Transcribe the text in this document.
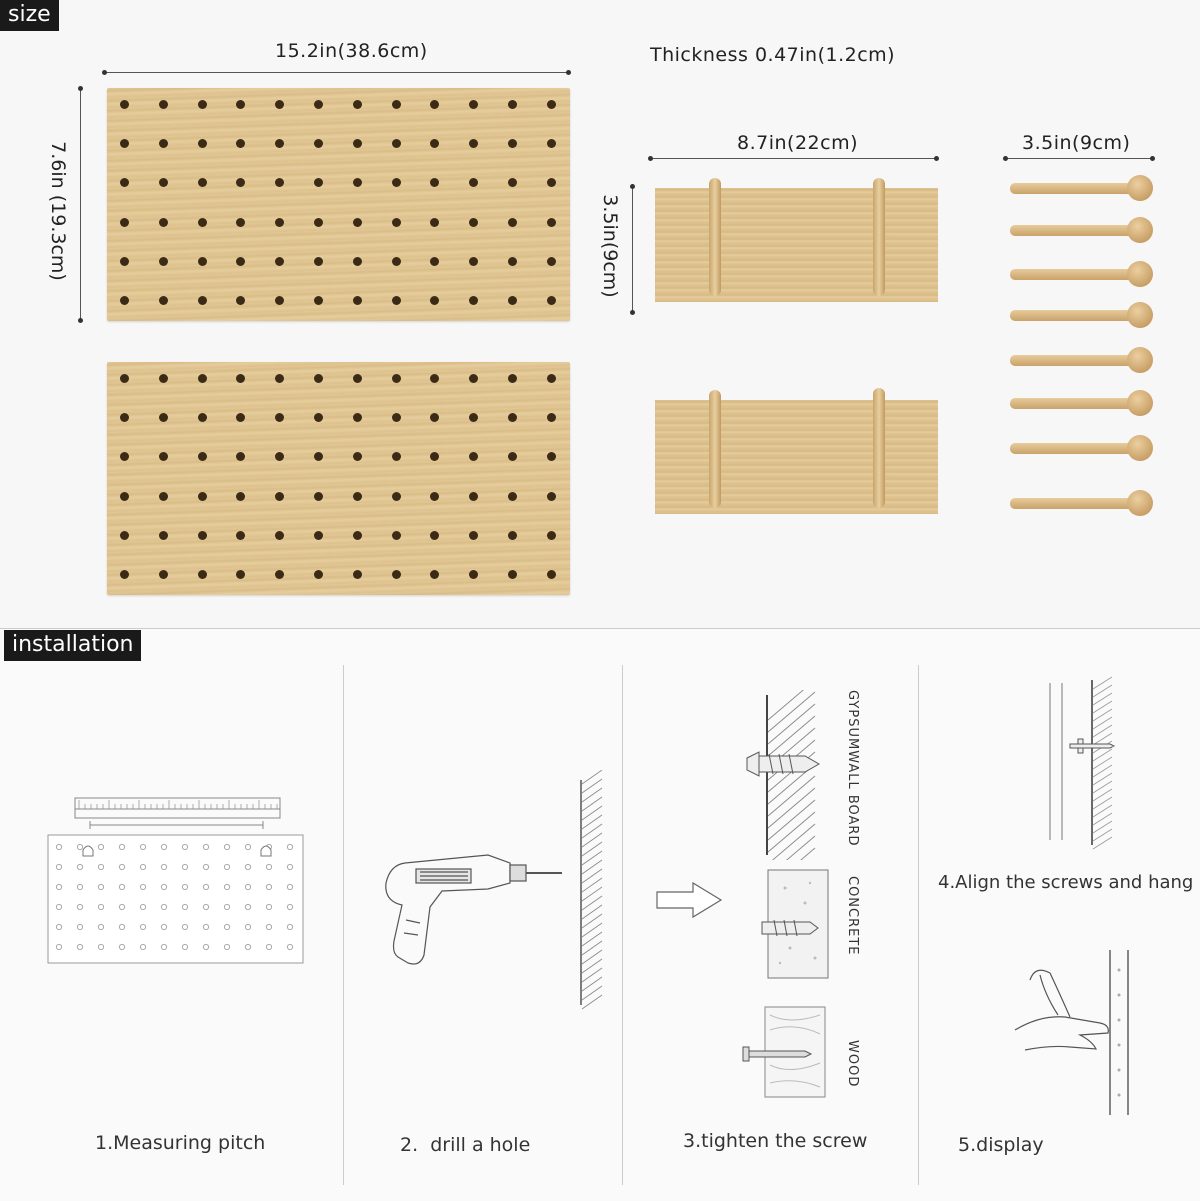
size
15.2in(38.6cm)	Thickness 0.47in(1.2cm)
7.6in (19.3cm)	8.7in(22cm)
3.5in(9cm)
3.5in(9cm)
installation
GYPSUMWALL BOARD
CONCRETE
WOOD
1.Measuring pitch	2.  drill a hole	3.tighten the screw
4.Align the screws and hang
5.display
